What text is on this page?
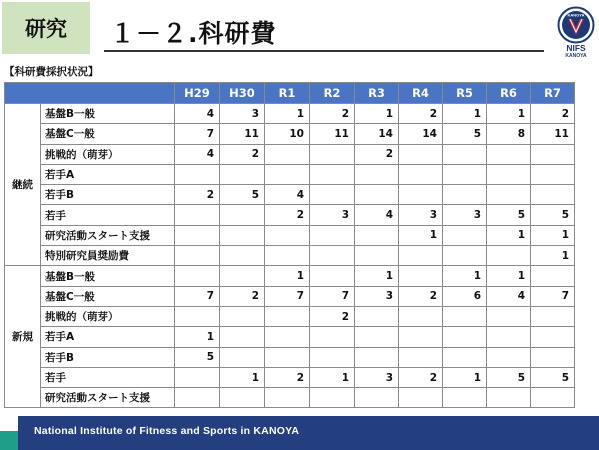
研究	１－２.科研費
KANOYA
NIFS
KANOYA
【科研費採択状況】
		H29	H30	R1	R2	R3	R4	R5	R6	R7
継続	基盤B一般	4	3	1	2	1	2	1	1	2
	基盤C一般	7	11	10	11	14	14	5	8	11
	挑戦的（萌芽）	4	2			2				
	若手A									
	若手B	2	5	4						
	若手			2	3	4	3	3	5	5
	研究活動スタート支援						1		1	1
	特別研究員奨励費									1
新規	基盤B一般			1		1		1	1	
	基盤C一般	7	2	7	7	3	2	6	4	7
	挑戦的（萌芽）				2					
	若手A	1								
	若手B	5								
	若手		1	2	1	3	2	1	5	5
	研究活動スタート支援									
National Institute of Fitness and Sports in KANOYA
